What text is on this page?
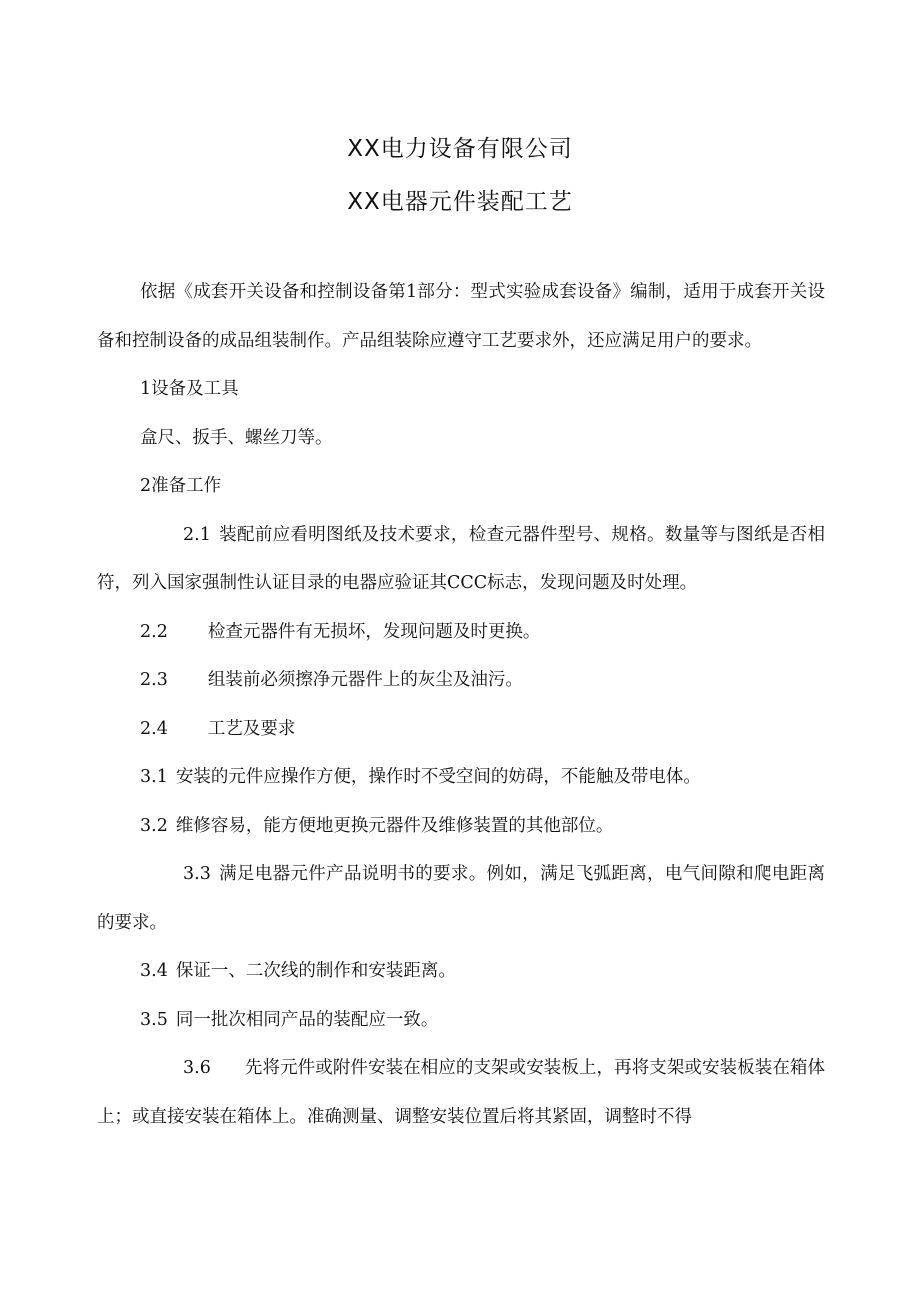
XX电力设备有限公司
XX电器元件装配工艺

依据《成套开关设备和控制设备第1部分：型式实验成套设备》编制，适用于成套开关设备和控制设备的成品组装制作。产品组装除应遵守工艺要求外，还应满足用户的要求。

1设备及工具

盒尺、扳手、螺丝刀等。

2准备工作

2.1 装配前应看明图纸及技术要求，检查元器件型号、规格。数量等与图纸是否相符，列入国家强制性认证目录的电器应验证其CCC标志，发现问题及时处理。

2.2 检查元器件有无损坏，发现问题及时更换。

2.3 组装前必须擦净元器件上的灰尘及油污。

2.4 工艺及要求

3.1 安装的元件应操作方便，操作时不受空间的妨碍，不能触及带电体。

3.2 维修容易，能方便地更换元器件及维修装置的其他部位。

3.3 满足电器元件产品说明书的要求。例如，满足飞弧距离，电气间隙和爬电距离的要求。

3.4 保证一、二次线的制作和安装距离。

3.5 同一批次相同产品的装配应一致。

3.6 先将元件或附件安装在相应的支架或安装板上，再将支架或安装板装在箱体上；或直接安装在箱体上。准确测量、调整安装位置后将其紧固，调整时不得
